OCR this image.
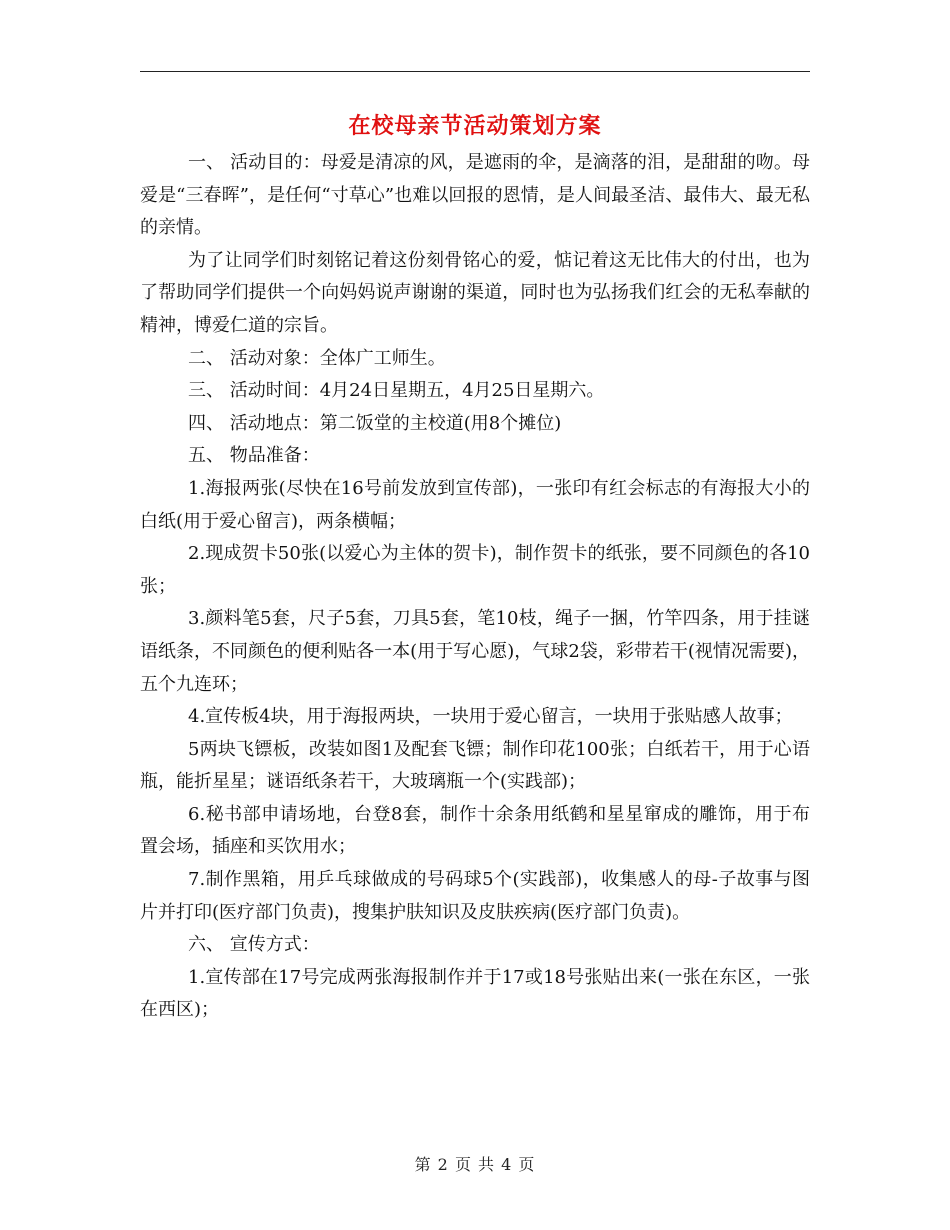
在校母亲节活动策划方案

一、 活动目的：母爱是清凉的风，是遮雨的伞，是滴落的泪，是甜甜的吻。母爱是“三春晖”，是任何“寸草心”也难以回报的恩情，是人间最圣洁、最伟大、最无私的亲情。

为了让同学们时刻铭记着这份刻骨铭心的爱，惦记着这无比伟大的付出，也为了帮助同学们提供一个向妈妈说声谢谢的渠道，同时也为弘扬我们红会的无私奉献的精神，博爱仁道的宗旨。

二、 活动对象：全体广工师生。

三、 活动时间：4月24日星期五，4月25日星期六。

四、 活动地点：第二饭堂的主校道(用8个摊位)

五、 物品准备：

1.海报两张(尽快在16号前发放到宣传部)，一张印有红会标志的有海报大小的白纸(用于爱心留言)，两条横幅；

2.现成贺卡50张(以爱心为主体的贺卡)，制作贺卡的纸张，要不同颜色的各10张；

3.颜料笔5套，尺子5套，刀具5套，笔10枝，绳子一捆，竹竿四条，用于挂谜语纸条，不同颜色的便利贴各一本(用于写心愿)，气球2袋，彩带若干(视情况需要)，五个九连环；

4.宣传板4块，用于海报两块，一块用于爱心留言，一块用于张贴感人故事；

5两块飞镖板，改装如图1及配套飞镖；制作印花100张；白纸若干，用于心语瓶，能折星星；谜语纸条若干，大玻璃瓶一个(实践部)；

6.秘书部申请场地，台登8套，制作十余条用纸鹤和星星窜成的雕饰，用于布置会场，插座和买饮用水；

7.制作黑箱，用乒乓球做成的号码球5个(实践部)，收集感人的母-子故事与图片并打印(医疗部门负责)，搜集护肤知识及皮肤疾病(医疗部门负责)。

六、 宣传方式：

1.宣传部在17号完成两张海报制作并于17或18号张贴出来(一张在东区，一张在西区)；

第 2 页 共 4 页
